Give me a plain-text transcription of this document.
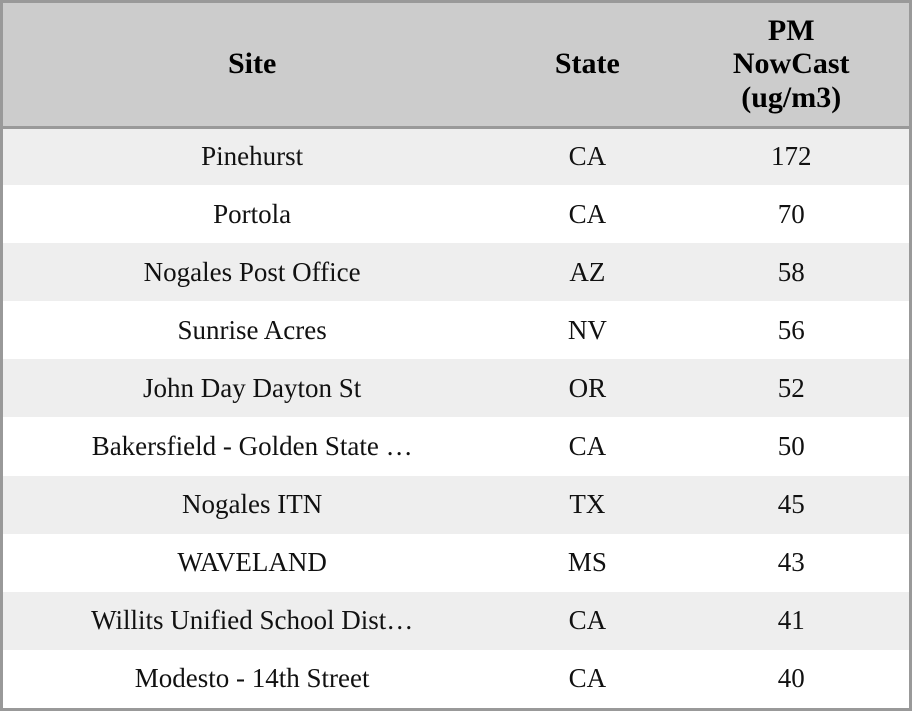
Site	State	PM
NowCast
(ug/m3)

Pinehurst	CA	172
Portola	CA	70
Nogales Post Office	AZ	58
Sunrise Acres	NV	56
John Day Dayton St	OR	52
Bakersfield - Golden State …	CA	50
Nogales ITN	TX	45
WAVELAND	MS	43
Willits Unified School Dist…	CA	41
Modesto - 14th Street	CA	40
